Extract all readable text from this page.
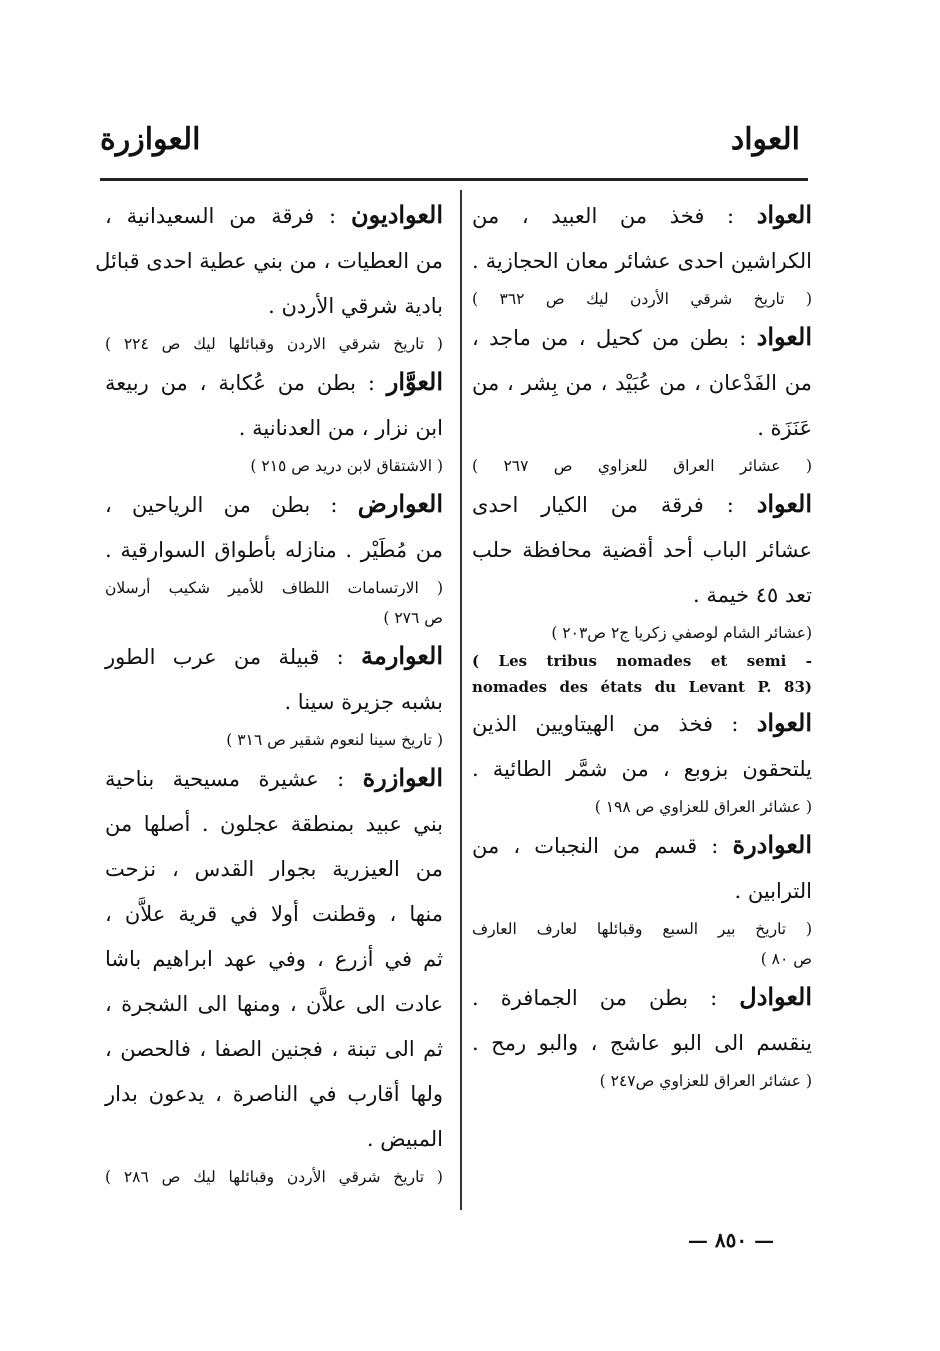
العواد
العوازرة
العواد : فخذ من العبيد ، من
الكراشين احدى عشائر معان الحجازية .
( تاريخ شرقي الأردن ليك ص ٣٦٢ )
العواد : بطن من كحيل ، من ماجد ،
من الفَدْعان ، من عُبَيْد ، من بِشر ، من
عَنَزَة .
( عشائر العراق للعزاوي ص ٢٦٧ )
العواد : فرقة من الكيار احدى
عشائر الباب أحد أقضية محافظة حلب
تعد ٤٥ خيمة .
(عشائر الشام لوصفي زكريا ج٢ ص٢٠٣ )
( Les tribus nomades et semi -
nomades des états du Levant P. 83)
العواد : فخذ من الهيتاويين الذين
يلتحقون بزوبع ، من شمَّر الطائية .
( عشائر العراق للعزاوي ص ١٩٨ )
العوادرة : قسم من النجبات ، من
الترابين .
( تاريخ بير السبع وقبائلها لعارف العارف
ص ٨٠ )
العوادل : بطن من الجمافرة .
ينقسم الى البو عاشج ، والبو رمح .
( عشائر العراق للعزاوي ص٢٤٧ )
العواديون : فرقة من السعيدانية ،
من العطيات ، من بني عطية احدى قبائل
بادية شرقي الأردن .
( تاريخ شرقي الاردن وقبائلها ليك ص ٢٢٤ )
العوَّار : بطن من عُكابة ، من ربيعة
ابن نزار ، من العدنانية .
( الاشتقاق لابن دريد ص ٢١٥ )
العوارض : بطن من الرياحين ،
من مُطَيْر . منازله بأطواق السوارقية .
( الارتسامات اللطاف للأمير شكيب أرسلان
ص ٢٧٦ )
العوارمة : قبيلة من عرب الطور
بشبه جزيرة سينا .
( تاريخ سينا لنعوم شقير ص ٣١٦ )
العوازرة : عشيرة مسيحية بناحية
بني عبيد بمنطقة عجلون . أصلها من
من العيزرية بجوار القدس ، نزحت
منها ، وقطنت أولا في قرية علاَّن ،
ثم في أزرع ، وفي عهد ابراهيم باشا
عادت الى علاَّن ، ومنها الى الشجرة ،
ثم الى تبنة ، فجنين الصفا ، فالحصن ،
ولها أقارب في الناصرة ، يدعون بدار
المبيض .
( تاريخ شرقي الأردن وقبائلها ليك ص ٢٨٦ )
— ٨٥٠ —
